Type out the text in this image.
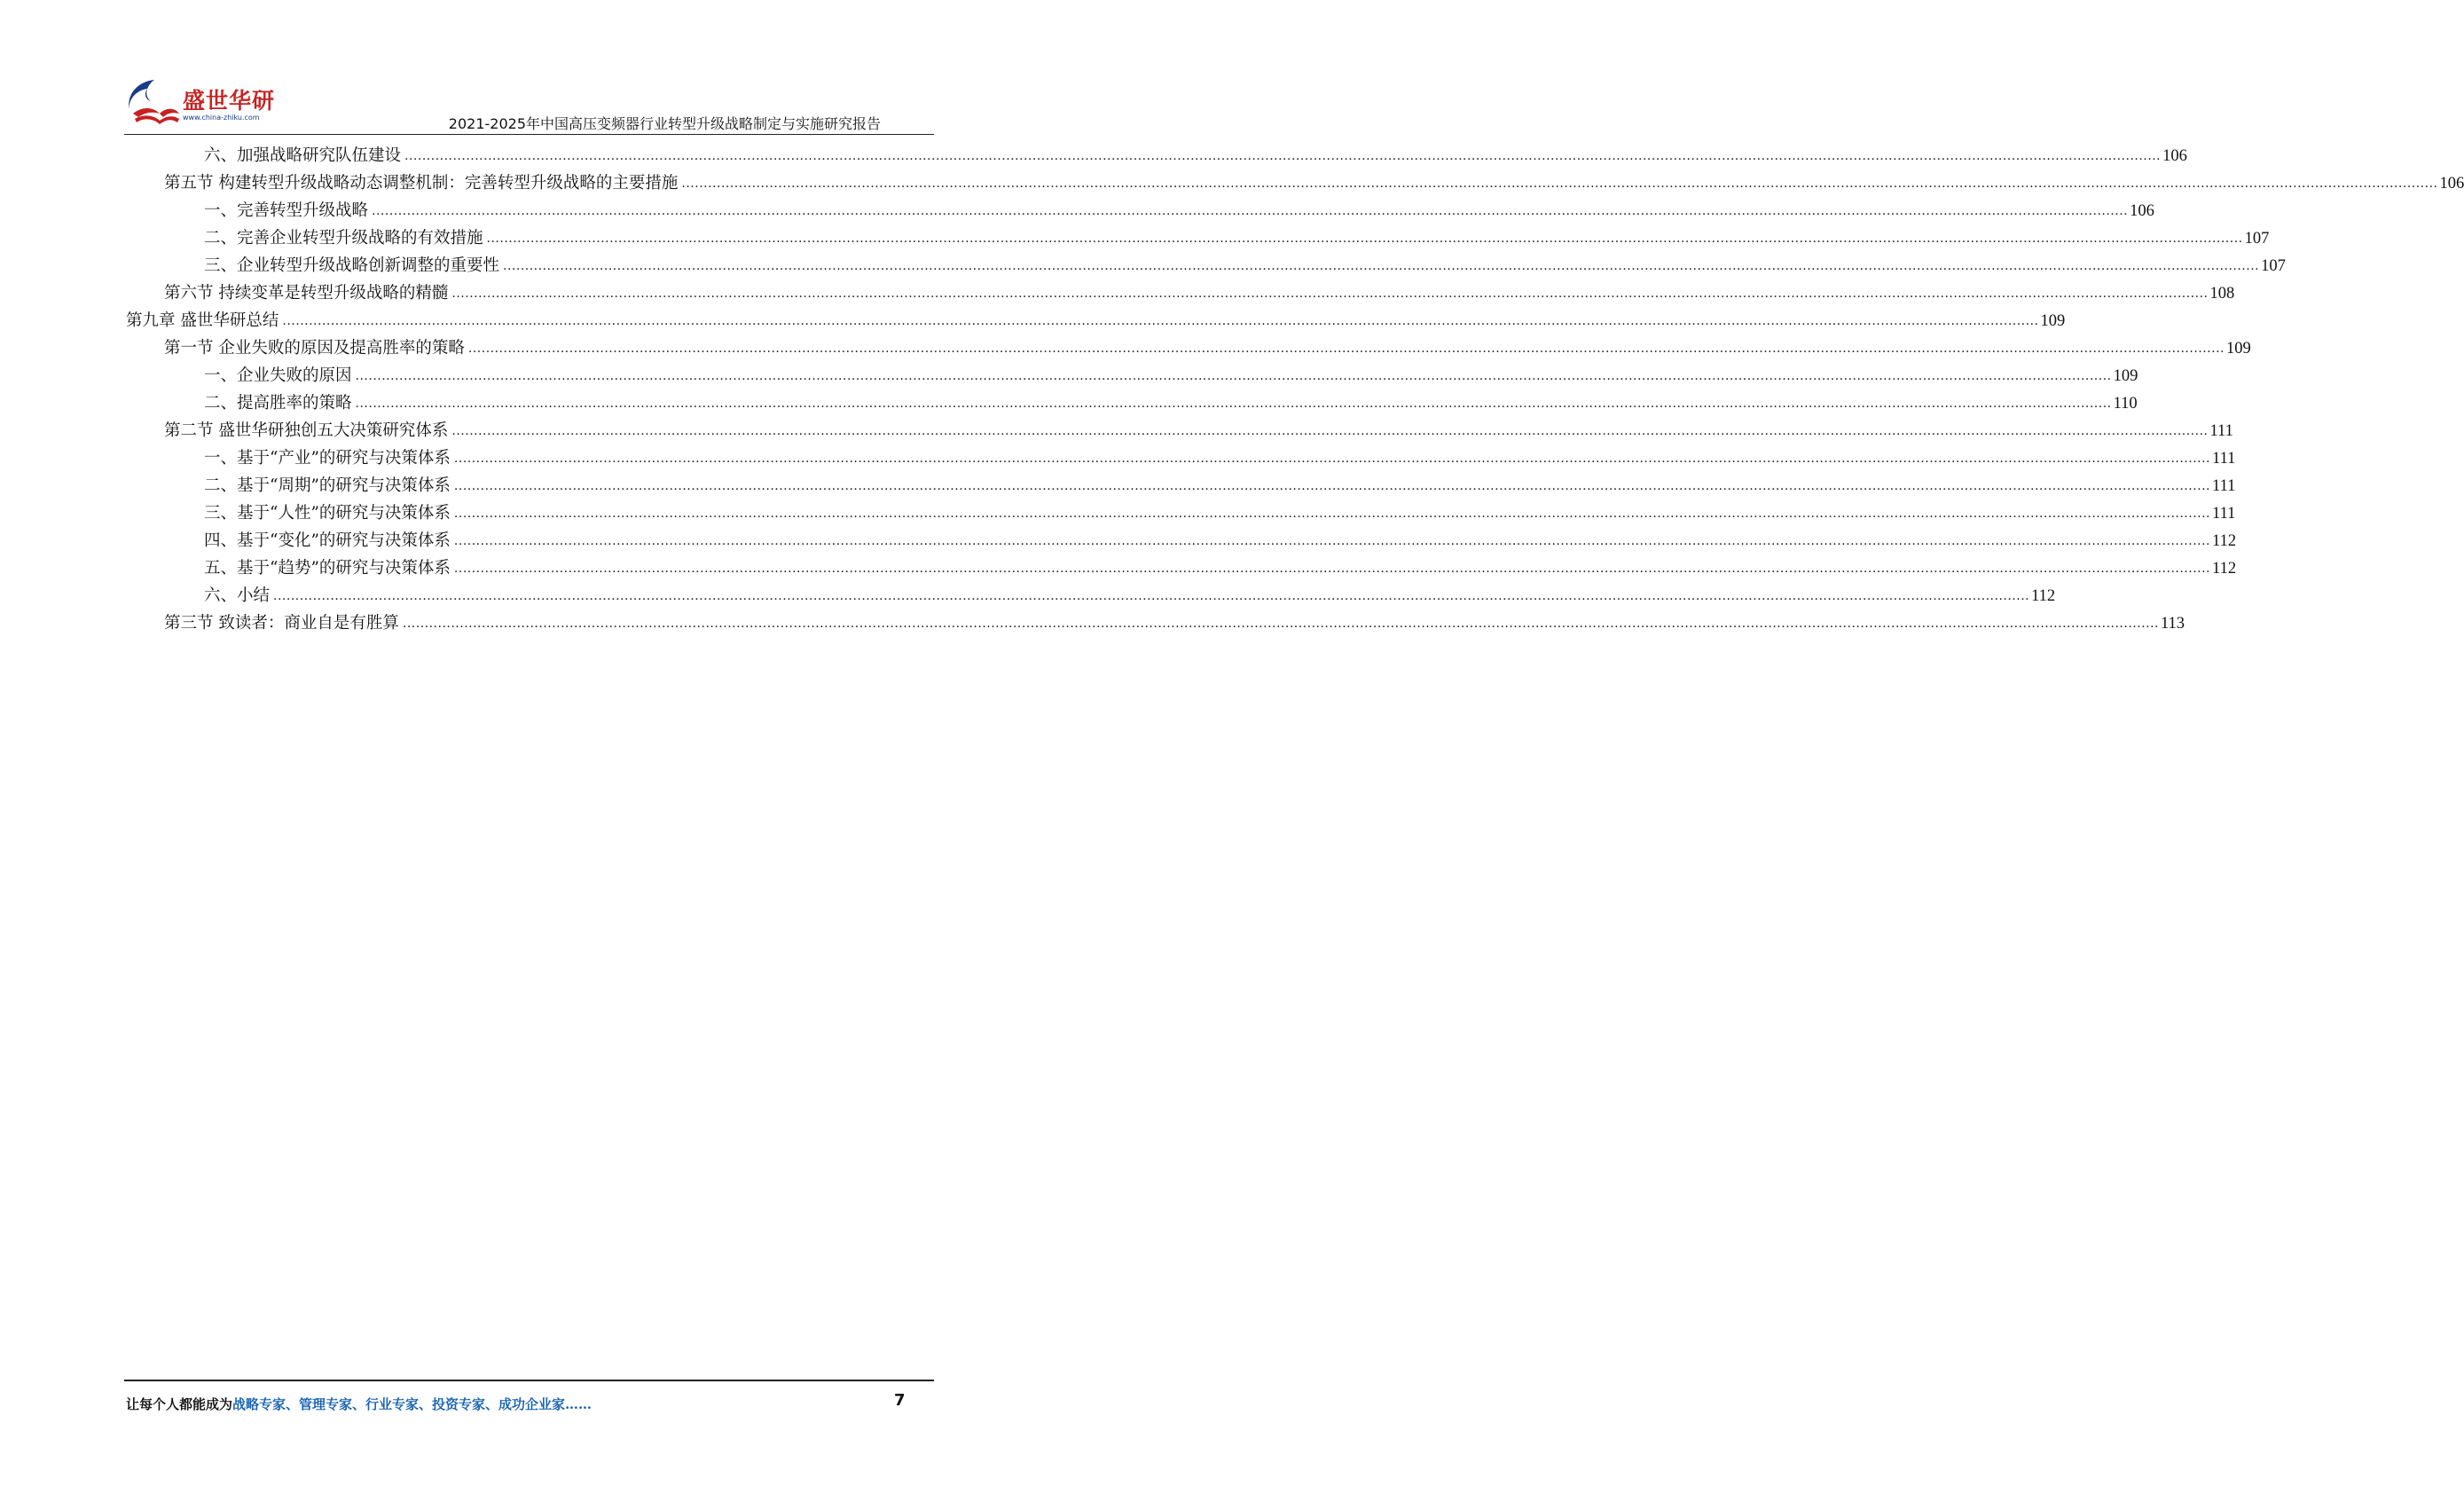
盛世华研
www.china-zhiku.com	2021-2025年中国高压变频器行业转型升级战略制定与实施研究报告
六、加强战略研究队伍建设 ................................................................................................................................................................................................................................................................................................................................................................................................................ 106
第五节 构建转型升级战略动态调整机制：完善转型升级战略的主要措施 ................................................................................................................................................................................................................................................................................................................................................................................................................ 106
一、完善转型升级战略 ................................................................................................................................................................................................................................................................................................................................................................................................................ 106
二、完善企业转型升级战略的有效措施 ................................................................................................................................................................................................................................................................................................................................................................................................................ 107
三、企业转型升级战略创新调整的重要性 ................................................................................................................................................................................................................................................................................................................................................................................................................ 107
第六节 持续变革是转型升级战略的精髓 ................................................................................................................................................................................................................................................................................................................................................................................................................ 108
第九章 盛世华研总结 ................................................................................................................................................................................................................................................................................................................................................................................................................ 109
第一节 企业失败的原因及提高胜率的策略 ................................................................................................................................................................................................................................................................................................................................................................................................................ 109
一、企业失败的原因 ................................................................................................................................................................................................................................................................................................................................................................................................................ 109
二、提高胜率的策略 ................................................................................................................................................................................................................................................................................................................................................................................................................ 110
第二节 盛世华研独创五大决策研究体系 ................................................................................................................................................................................................................................................................................................................................................................................................................ 111
一、基于“产业”的研究与决策体系 ................................................................................................................................................................................................................................................................................................................................................................................................................ 111
二、基于“周期”的研究与决策体系 ................................................................................................................................................................................................................................................................................................................................................................................................................ 111
三、基于“人性”的研究与决策体系 ................................................................................................................................................................................................................................................................................................................................................................................................................ 111
四、基于“变化”的研究与决策体系 ................................................................................................................................................................................................................................................................................................................................................................................................................ 112
五、基于“趋势”的研究与决策体系 ................................................................................................................................................................................................................................................................................................................................................................................................................ 112
六、小结 ................................................................................................................................................................................................................................................................................................................................................................................................................ 112
第三节 致读者：商业自是有胜算 ................................................................................................................................................................................................................................................................................................................................................................................................................ 113
让每个人都能成为战略专家、管理专家、行业专家、投资专家、成功企业家……	7
